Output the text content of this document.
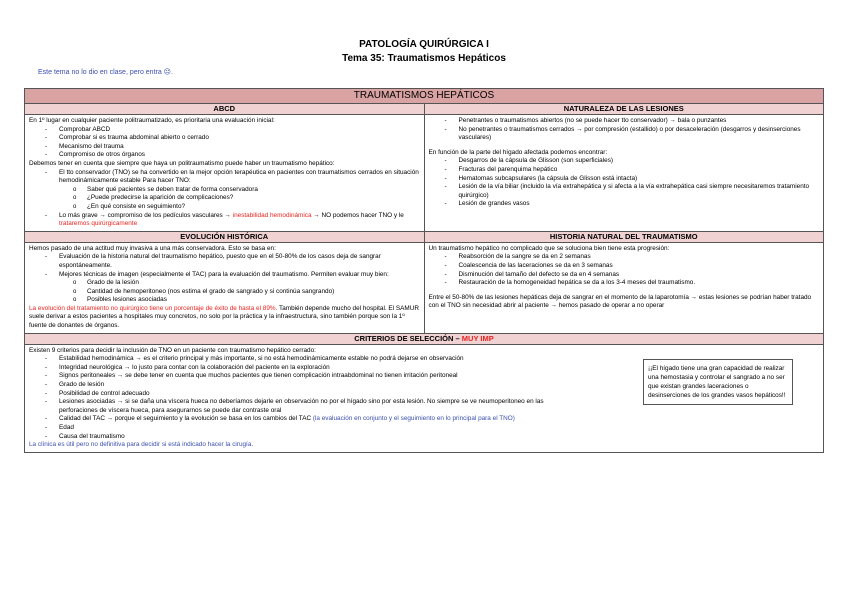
PATOLOGÍA QUIRÚRGICA I
Tema 35: Traumatismos Hepáticos
Este tema no lo dio en clase, pero entra ☹.
TRAUMATISMOS HEPÁTICOS
ABCD
En 1º lugar en cualquier paciente politraumatizado, es prioritaria una evaluación inicial:
- Comprobar ABCD
- Comprobar si es trauma abdominal abierto o cerrado
- Mecanismo del trauma
- Compromiso de otros órganos
Debemos tener en cuenta que siempre que haya un politraumatismo puede haber un traumatismo hepático:
- El tto conservador (TNO) se ha convertido en la mejor opción terapéutica en pacientes con traumatismos cerrados en situación hemodinámicamente estable Para hacer TNO:
o Saber qué pacientes se deben tratar de forma conservadora
o ¿Puede predecirse la aparición de complicaciones?
o ¿En qué consiste en seguimiento?
- Lo más grave → compromiso de los pedículos vasculares → inestabilidad hemodinámica → NO podemos hacer TNO y le trataremos quirúrgicamente
NATURALEZA DE LAS LESIONES
- Penetrantes o traumatismos abiertos (no se puede hacer tto conservador) → bala o punzantes
- No penetrantes o traumatismos cerrados → por compresión (estallido) o por desaceleración (desgarros y desinserciones vasculares)
En función de la parte del hígado afectada podemos encontrar:
- Desgarros de la cápsula de Glisson (son superficiales)
- Fracturas del parenquima hepático
- Hematomas subcapsulares (la cápsula de Glisson está intacta)
- Lesión de la vía biliar (incluido la vía extrahepática y si afecta a la vía extrahepática casi siempre necesitaremos tratamiento quirúrgico)
- Lesión de grandes vasos
EVOLUCIÓN HISTÓRICA
Hemos pasado de una actitud muy invasiva a una más conservadora. Esto se basa en:
- Evaluación de la historia natural del traumatismo hepático, puesto que en el 50-80% de los casos deja de sangrar espontáneamente.
- Mejores técnicas de imagen (especialmente el TAC) para la evaluación del traumatismo. Permiten evaluar muy bien:
o Grado de la lesión
o Cantidad de hemoperitoneo (nos estima el grado de sangrado y si continúa sangrando)
o Posibles lesiones asociadas
La evolución del tratamiento no quirúrgico tiene un porcentaje de éxito de hasta el 89%. También depende mucho del hospital. El SAMUR suele derivar a estos pacientes a hospitales muy concretos, no solo por la práctica y la infraestructura, sino también porque son la 1º fuente de donantes de órganos.
HISTORIA NATURAL DEL TRAUMATISMO
Un traumatismo hepático no complicado que se soluciona bien tiene esta progresión:
- Reabsorción de la sangre se da en 2 semanas
- Coalescencia de las laceraciones se da en 3 semanas
- Disminución del tamaño del defecto se da en 4 semanas
- Restauración de la homogeneidad hepática se da a los 3-4 meses del traumatismo.
Entre el 50-80% de las lesiones hepáticas deja de sangrar en el momento de la laparotomía → estas lesiones se podrían haber tratado con el TNO sin necesidad abrir al paciente → hemos pasado de operar a no operar
CRITERIOS DE SELECCIÓN – MUY IMP
Existen 9 criterios para decidir la inclusión de TNO en un paciente con traumatismo hepático cerrado:
- Estabilidad hemodinámica → es el criterio principal y más importante, si no está hemodinámicamente estable no podrá dejarse en observación
- Integridad neurológica → lo justo para contar con la colaboración del paciente en la exploración
- Signos peritoneales → se debe tener en cuenta que muchos pacientes que tienen complicación intraabdominal no tienen irritación peritoneal
- Grado de lesión
- Posibilidad de control adecuado
- Lesiones asociadas → si se daña una víscera hueca no deberíamos dejarle en observación no por el hígado sino por esta lesión. No siempre se ve neumoperitoneo en las perforaciones de víscera hueca, para asegurarnos se puede dar contraste oral
- Calidad del TAC → porque el seguimiento y la evolución se basa en los cambios del TAC (la evaluación en conjunto y el seguimiento en lo principal para el TNO)
- Edad
- Causa del traumatismo
La clínica es útil pero no definitiva para decidir si está indicado hacer la cirugía.
¡¡El hígado tiene una gran capacidad de realizar una hemostasia y controlar el sangrado a no ser que existan grandes laceraciones o desinserciones de los grandes vasos hepáticos!!
